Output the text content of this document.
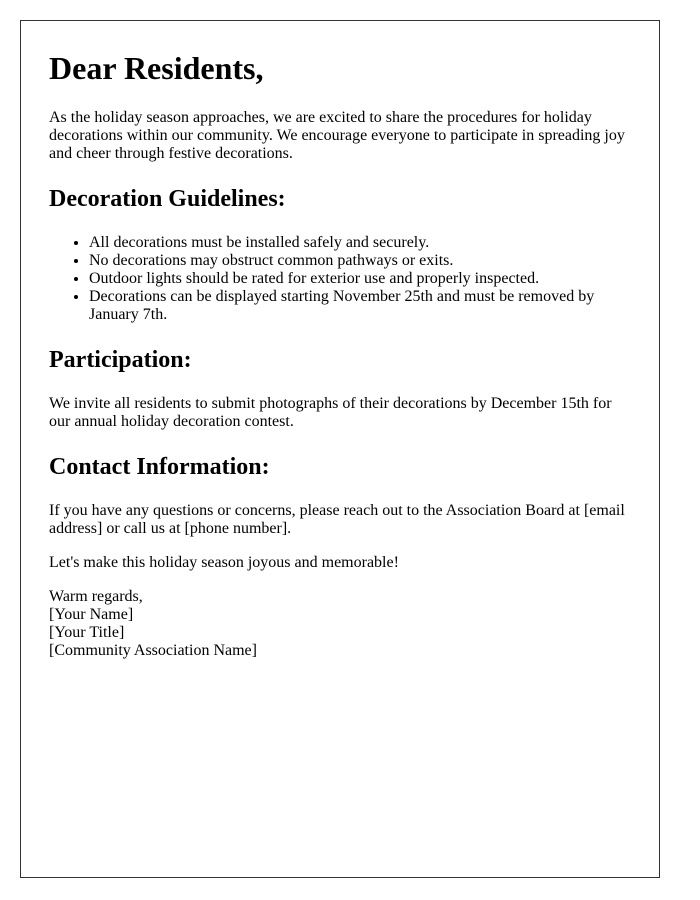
Dear Residents,

As the holiday season approaches, we are excited to share the procedures for holiday decorations within our community. We encourage everyone to participate in spreading joy and cheer through festive decorations.

Decoration Guidelines:
• All decorations must be installed safely and securely.
• No decorations may obstruct common pathways or exits.
• Outdoor lights should be rated for exterior use and properly inspected.
• Decorations can be displayed starting November 25th and must be removed by January 7th.
Participation:

We invite all residents to submit photographs of their decorations by December 15th for our annual holiday decoration contest.

Contact Information:

If you have any questions or concerns, please reach out to the Association Board at [email address] or call us at [phone number].

Let's make this holiday season joyous and memorable!

Warm regards,
[Your Name]
[Your Title]
[Community Association Name]
